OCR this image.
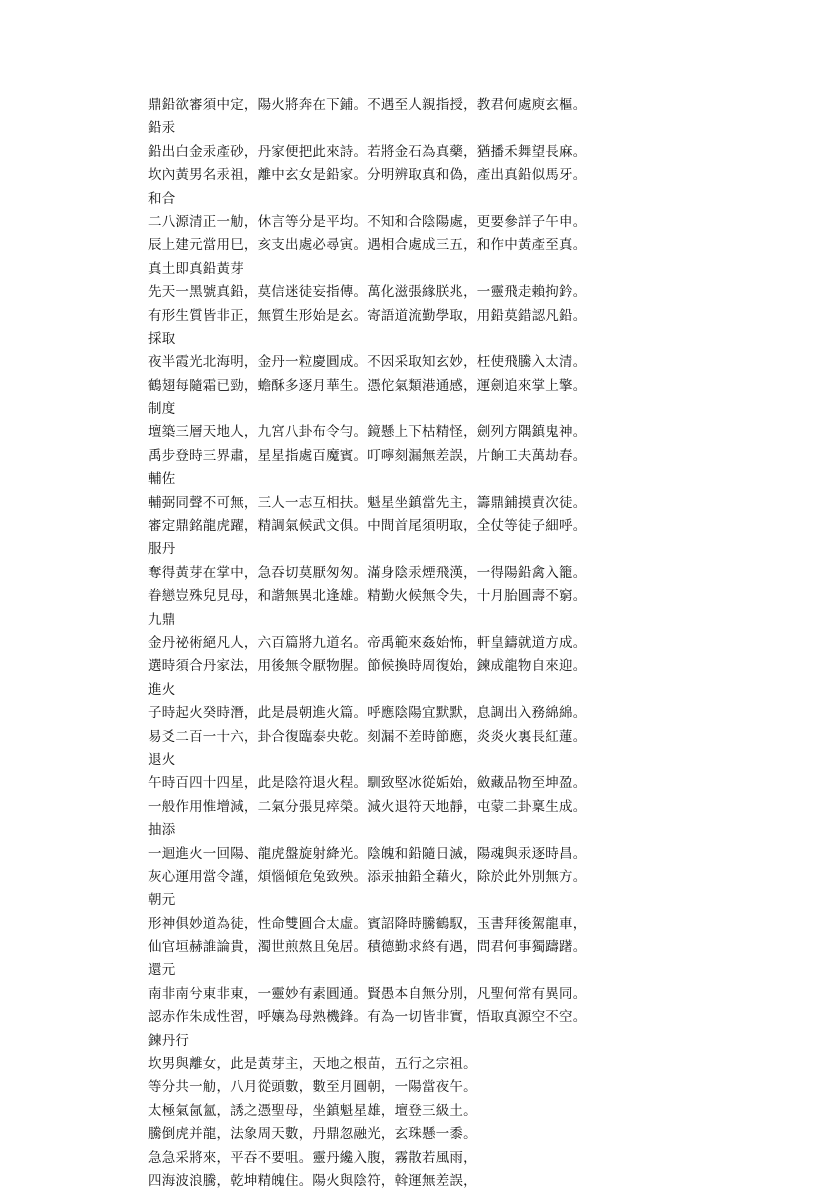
鼎鉛欲審須中定，陽火將奔在下鋪。不遇至人親指授，教君何處庾玄樞。
鉛汞
鉛出白金汞產砂，丹家便把此來詩。若將金石為真藥，猶播禾舞望長麻。
坎內黃男名汞祖，離中玄女是鉛家。分明辨取真和偽，產出真鉛似馬牙。
和合
二八源清正一觔，休言等分是平均。不知和合陰陽處，更要參詳子午申。
辰上建元當用巳，亥支出處必尋寅。遇相合處成三五，和作中黃產至真。
真土即真鉛黃芽
先天一黑號真鉛，莫信迷徒妄指傳。萬化滋張緣朕兆，一靈飛走賴拘鈐。
有形生質皆非正，無質生形始是玄。寄語道流勤學取，用鉛莫錯認凡鉛。
採取
夜半霞光北海明，金丹一粒慶圓成。不因采取知玄妙，枉使飛騰入太清。
鶴翅每隨霜已勁，蟾酥多逐月華生。憑佗氣類港通感，運劍追來掌上擎。
制度
壇築三層天地人，九宮八卦布令勻。鏡懸上下枯精怪，劍列方隅鎮鬼神。
禹步登時三界肅，星星指處百魔賓。叮嚀刻漏無差誤，片餉工夫萬劫春。
輔佐
輔弼同聲不可無，三人一志互相扶。魁星坐鎮當先主，籌鼎鋪摸責次徒。
審定鼎銘龍虎躍，精調氣候武文俱。中間首尾須明取，全仗等徒子細呼。
服丹
奪得黃芽在掌中，急吞切莫厭匆匆。滿身陰汞煙飛漢，一得陽鉛禽入籠。
眷戀豈殊兒見母，和諧無異北逢雄。精勤火候無令失，十月胎圓壽不窮。
九鼎
金丹祕術絕凡人，六百篇將九道名。帝禹範來姦始怖，軒皇鑄就道方成。
選時須合丹家法，用後無令厭物腥。節候換時周復始，鍊成龍物自來迎。
進火
子時起火癸時潛，此是晨朝進火篇。呼應陰陽宜默默，息調出入務綿綿。
易爻二百一十六，卦合復臨泰央乾。刻漏不差時節應，炎炎火裏長紅蓮。
退火
午時百四十四星，此是陰符退火程。馴致堅冰從姤始，斂藏品物至坤盈。
一般作用惟增減，二氣分張見瘁榮。減火退符天地靜，屯蒙二卦稟生成。
抽添
一迴進火一回陽、龍虎盤旋射絳光。陰魄和鉛隨日滅，陽魂與汞逐時昌。
灰心運用當令謹，煩惱傾危兔致殃。添汞抽鉛全藉火，除於此外別無方。
朝元
形神俱妙道為徒，性命雙圓合太虛。賓詔降時騰鶴馭，玉書拜後駕龍車，
仙官垣赫誰論貴，濁世煎熬且兔居。積德勤求終有遇，問君何事獨躊躇。
還元
南非南兮東非東，一靈妙有素圓通。賢愚本自無分別，凡聖何常有異同。
認赤作朱成性習，呼孃為母熟機鋒。有為一切皆非實，悟取真源空不空。
鍊丹行
坎男與離女，此是黃芽主，天地之根苗，五行之宗祖。
等分共一觔，八月從頭數，數至月圓朝，一陽當夜午。
太極氣氤氳，誘之憑聖母，坐鎮魁星雄，壇登三級土。
騰倒虎并龍，法象周天數，丹鼎忽融光，玄珠懸一黍。
急急采將來，平吞不要咀。靈丹纔入腹，霧散若風雨，
四海波浪騰，乾坤精魄住。陽火與陰符，斡運無差誤，
